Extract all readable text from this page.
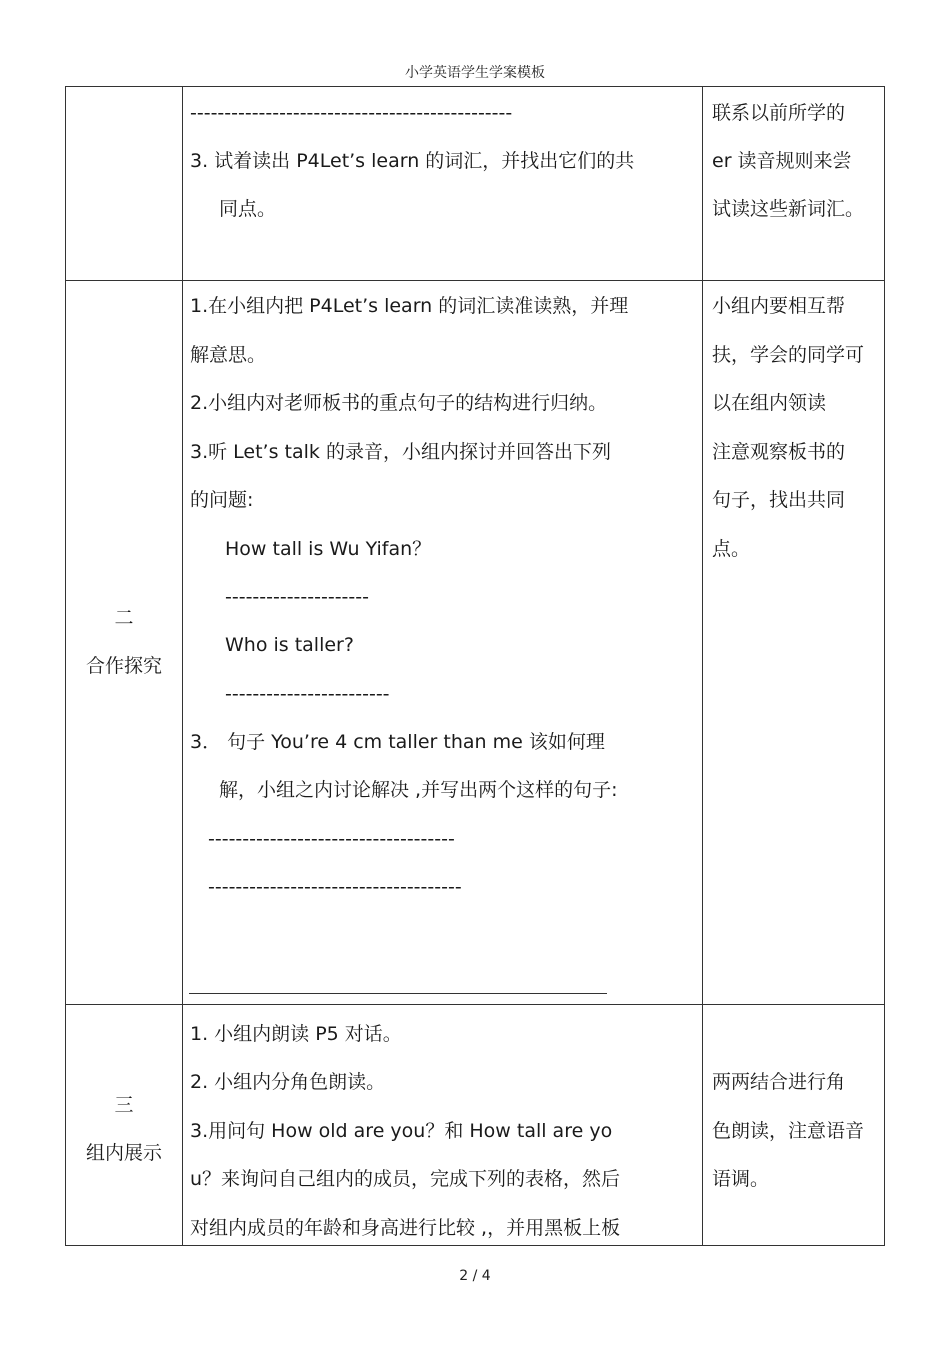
小学英语学生学案模板
-----------------------------------------------
3. 试着读出 P4Let’s learn 的词汇，并找出它们的共
同点。
联系以前所学的
er 读音规则来尝
试读这些新词汇。
二
合作探究
1.在小组内把 P4Let’s learn 的词汇读准读熟，并理
解意思。
2.小组内对老师板书的重点句子的结构进行归纳。
3.听 Let’s talk 的录音，小组内探讨并回答出下列
的问题:
How tall is Wu Yifan？
---------------------
Who is taller?
------------------------
3． 句子 You’re 4 cm taller than me 该如何理
解，小组之内讨论解决 ,并写出两个这样的句子:
------------------------------------
-------------------------------------
小组内要相互帮
扶，学会的同学可
以在组内领读
注意观察板书的
句子，找出共同
点。
三
组内展示
1. 小组内朗读 P5 对话。
2. 小组内分角色朗读。
3.用问句 How old are you？和 How tall are yo
u？来询问自己组内的成员，完成下列的表格，然后
对组内成员的年龄和身高进行比较 ,，并用黑板上板
两两结合进行角
色朗读，注意语音
语调。
2 / 4
